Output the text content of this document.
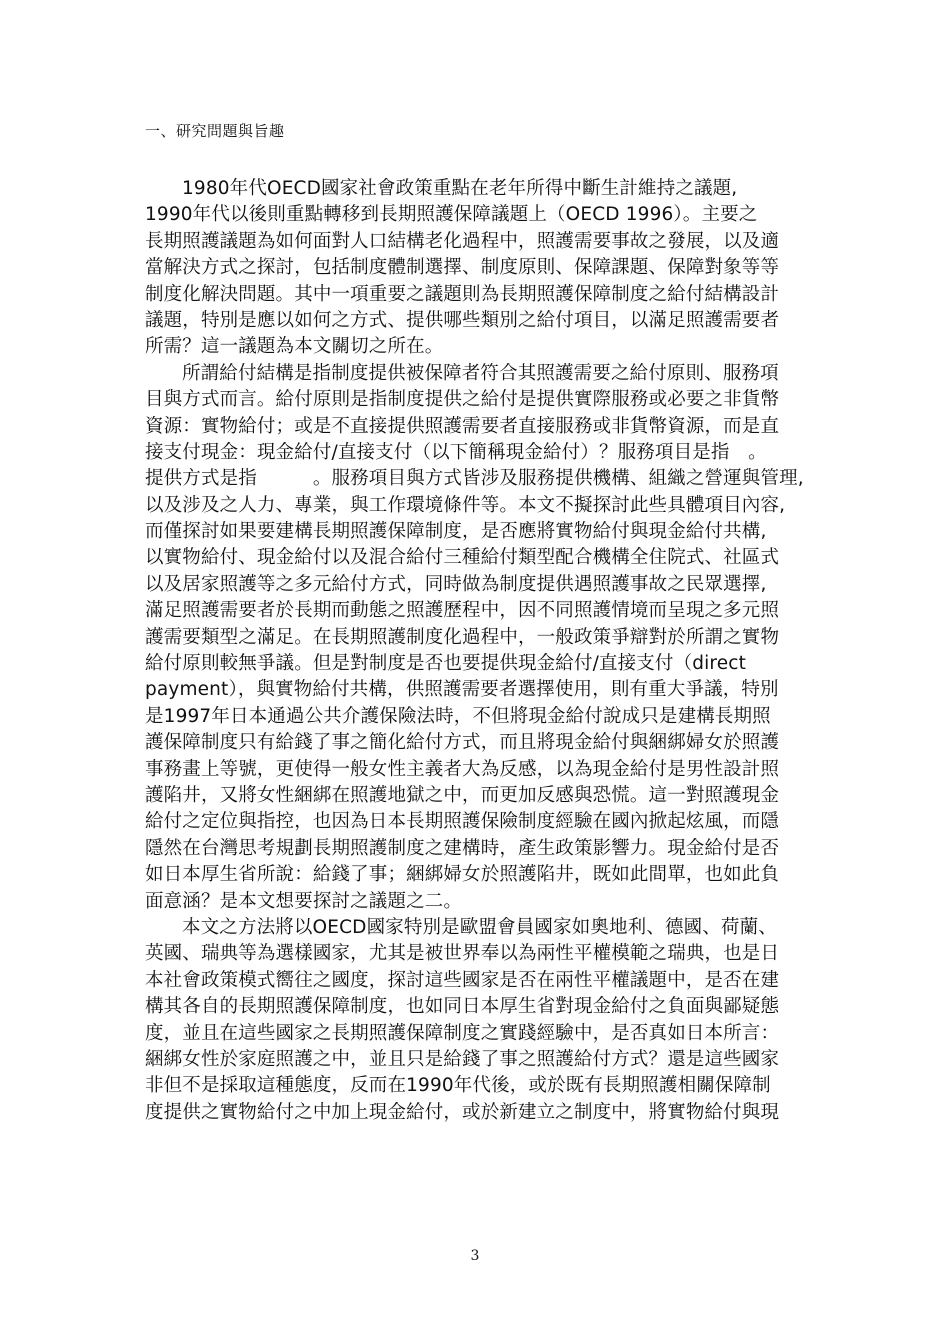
一、研究問題與旨趣
1980年代OECD國家社會政策重點在老年所得中斷生計維持之議題,
1990年代以後則重點轉移到長期照護保障議題上（OECD 1996）。主要之
長期照護議題為如何面對人口結構老化過程中，照護需要事故之發展，以及適
當解決方式之探討，包括制度體制選擇、制度原則、保障課題、保障對象等等
制度化解決問題。其中一項重要之議題則為長期照護保障制度之給付結構設計
議題，特別是應以如何之方式、提供哪些類別之給付項目，以滿足照護需要者
所需？這一議題為本文關切之所在。
所謂給付結構是指制度提供被保障者符合其照護需要之給付原則、服務項
目與方式而言。給付原則是指制度提供之給付是提供實際服務或必要之非貨幣
資源：實物給付；或是不直接提供照護需要者直接服務或非貨幣資源，而是直
接支付現金：現金給付/直接支付（以下簡稱現金給付）？服務項目是指　。
提供方式是指　　　。服務項目與方式皆涉及服務提供機構、組織之營運與管理,
以及涉及之人力、專業，與工作環境條件等。本文不擬探討此些具體項目內容,
而僅探討如果要建構長期照護保障制度，是否應將實物給付與現金給付共構,
以實物給付、現金給付以及混合給付三種給付類型配合機構全住院式、社區式
以及居家照護等之多元給付方式，同時做為制度提供遇照護事故之民眾選擇,
滿足照護需要者於長期而動態之照護歷程中，因不同照護情境而呈現之多元照
護需要類型之滿足。在長期照護制度化過程中，一般政策爭辯對於所謂之實物
給付原則較無爭議。但是對制度是否也要提供現金給付/直接支付（direct
payment），與實物給付共構，供照護需要者選擇使用，則有重大爭議，特別
是1997年日本通過公共介護保險法時，不但將現金給付說成只是建構長期照
護保障制度只有給錢了事之簡化給付方式，而且將現金給付與綑綁婦女於照護
事務畫上等號，更使得一般女性主義者大為反感，以為現金給付是男性設計照
護陷井，又將女性綑綁在照護地獄之中，而更加反感與恐慌。這一對照護現金
給付之定位與指控，也因為日本長期照護保險制度經驗在國內掀起炫風，而隱
隱然在台灣思考規劃長期照護制度之建構時，產生政策影響力。現金給付是否
如日本厚生省所說：給錢了事；綑綁婦女於照護陷井，既如此間單，也如此負
面意涵？是本文想要探討之議題之二。
本文之方法將以OECD國家特別是歐盟會員國家如奧地利、德國、荷蘭、
英國、瑞典等為選樣國家，尤其是被世界奉以為兩性平權模範之瑞典，也是日
本社會政策模式嚮往之國度，探討這些國家是否在兩性平權議題中，是否在建
構其各自的長期照護保障制度，也如同日本厚生省對現金給付之負面與鄙疑態
度，並且在這些國家之長期照護保障制度之實踐經驗中，是否真如日本所言：
綑綁女性於家庭照護之中，並且只是給錢了事之照護給付方式？還是這些國家
非但不是採取這種態度，反而在1990年代後，或於既有長期照護相關保障制
度提供之實物給付之中加上現金給付，或於新建立之制度中，將實物給付與現
3
